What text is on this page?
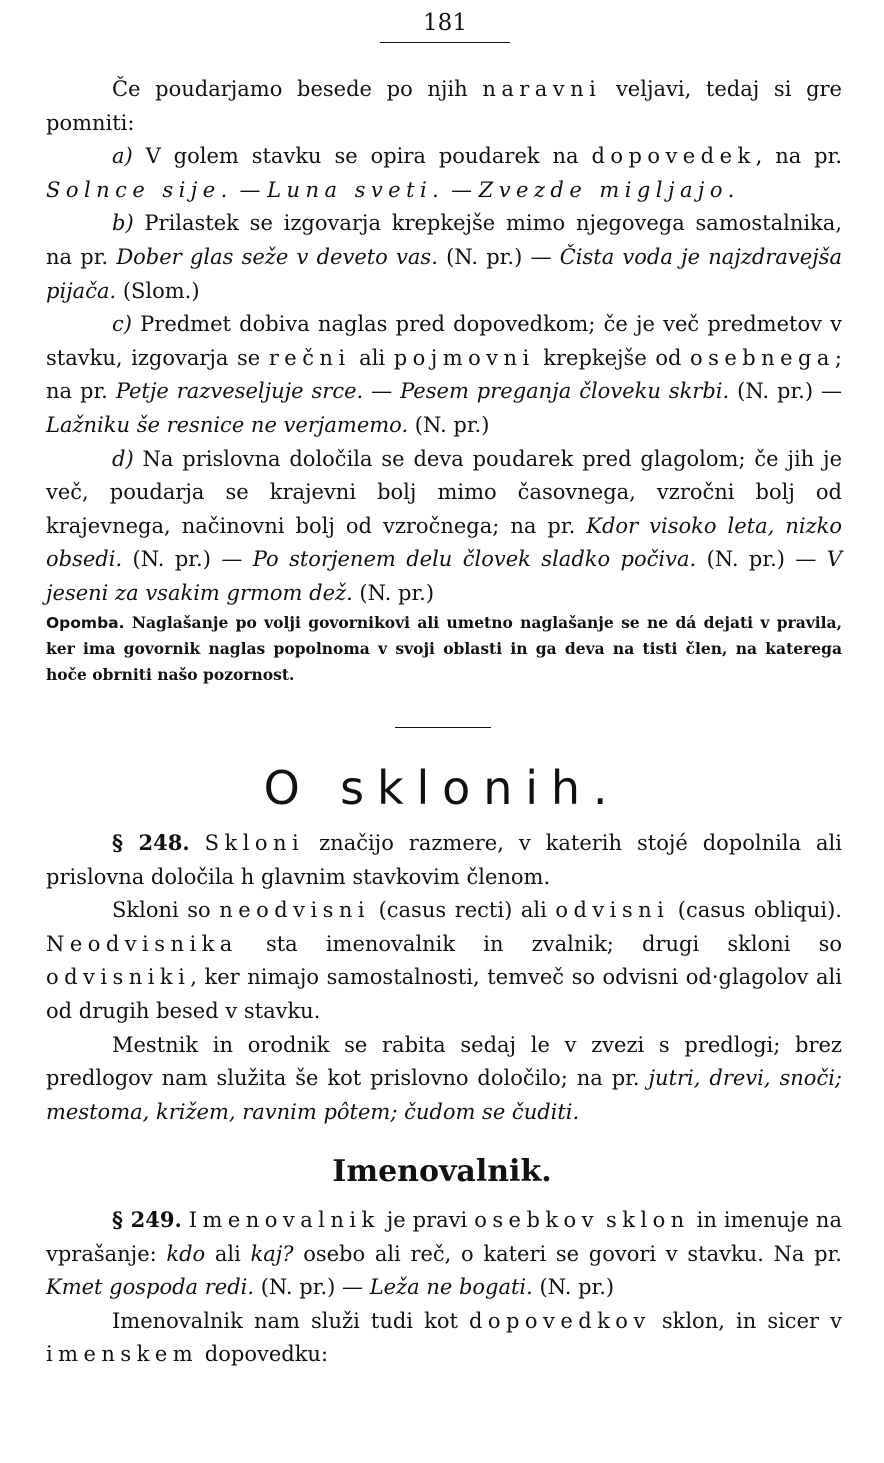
181

Če poudarjamo besede po njih naravni veljavi, tedaj si gre pomniti:

a) V golem stavku se opira poudarek na dopovedek, na pr. Solnce sije. — Luna sveti. — Zvezde migljajo.

b) Prilastek se izgovarja krepkejše mimo njegovega samostalnika, na pr. Dober glas seže v deveto vas. (N. pr.) — Čista voda je najzdravejša pijača. (Slom.)

c) Predmet dobiva naglas pred dopovedkom; če je več predmetov v stavku, izgovarja se rečni ali pojmovni krepkejše od osebnega; na pr. Petje razveseljuje srce. — Pesem preganja človeku skrbi. (N. pr.) — Lažniku še resnice ne verjamemo. (N. pr.)

d) Na prislovna določila se deva poudarek pred glagolom; če jih je več, poudarja se krajevni bolj mimo časovnega, vzročni bolj od krajevnega, načinovni bolj od vzročnega; na pr. Kdor visoko leta, nizko obsedi. (N. pr.) — Po storjenem delu človek sladko počiva. (N. pr.) — V jeseni za vsakim grmom dež. (N. pr.)

Opomba. Naglašanje po volji govornikovi ali umetno naglašanje se ne dá dejati v pravila, ker ima govornik naglas popolnoma v svoji oblasti in ga deva na tisti člen, na katerega hoče obrniti našo pozornost.
O sklonih.

§ 248. Skloni značijo razmere, v katerih stojé dopolnila ali prislovna določila h glavnim stavkovim členom.

Skloni so neodvisni (casus recti) ali odvisni (casus obliqui). Neodvisnika sta imenovalnik in zvalnik; drugi skloni so odvisniki, ker nimajo samostalnosti, temveč so odvisni od·glagolov ali od drugih besed v stavku.

Mestnik in orodnik se rabita sedaj le v zvezi s predlogi; brez predlogov nam služita še kot prislovno določilo; na pr. jutri, drevi, snoči; mestoma, križem, ravnim pôtem; čudom se čuditi.

Imenovalnik.

§ 249. Imenovalnik je pravi osebkov sklon in imenuje na vprašanje: kdo ali kaj? osebo ali reč, o kateri se govori v stavku. Na pr. Kmet gospoda redi. (N. pr.) — Leža ne bogati. (N. pr.)

Imenovalnik nam služi tudi kot dopovedkov sklon, in sicer v imenskem dopovedku:
